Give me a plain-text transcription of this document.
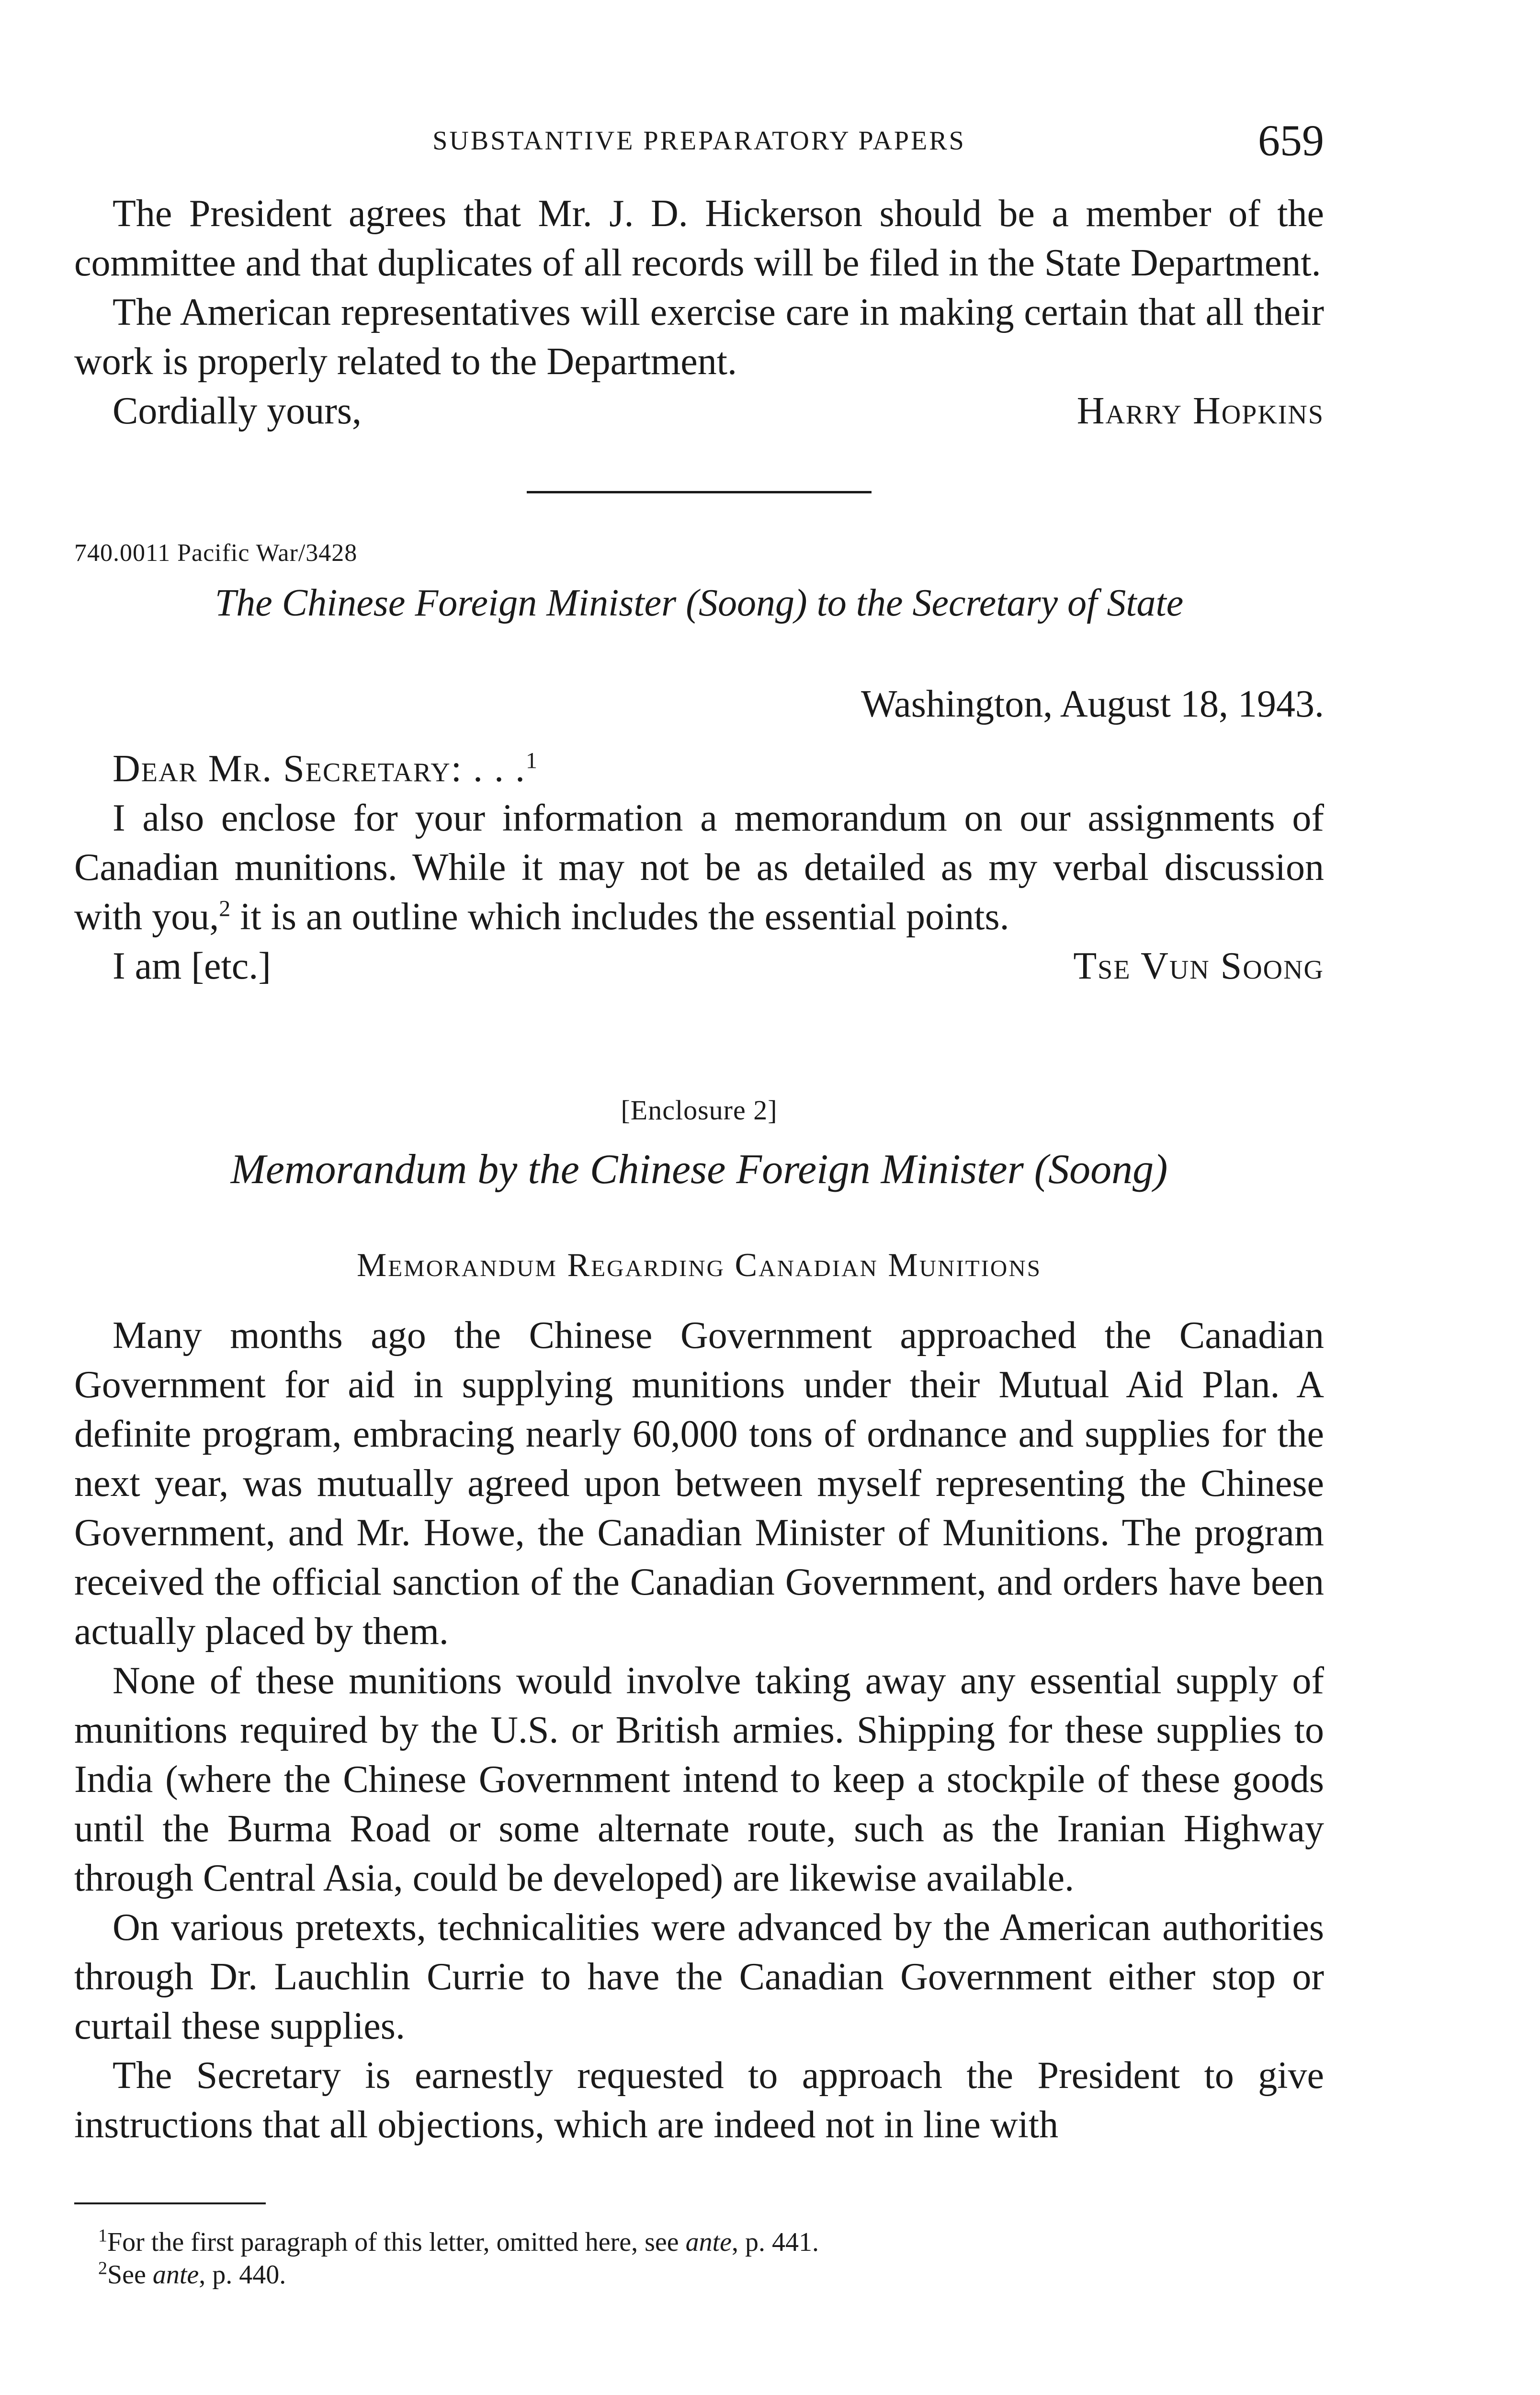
SUBSTANTIVE PREPARATORY PAPERS	659

The President agrees that Mr. J. D. Hickerson should be a member of the committee and that duplicates of all records will be filed in the State Department.

The American representatives will exercise care in making certain that all their work is properly related to the Department.

Cordially yours,	Harry Hopkins
740.0011 Pacific War/3428
The Chinese Foreign Minister (Soong) to the Secretary of State
Washington, August 18, 1943.
Dear Mr. Secretary: . . .$^1$

I also enclose for your information a memorandum on our assignments of Canadian munitions. While it may not be as detailed as my verbal discussion with you,$^2$ it is an outline which includes the essential points.

I am [etc.]	Tse Vun Soong
[Enclosure 2]
Memorandum by the Chinese Foreign Minister (Soong)
Memorandum Regarding Canadian Munitions

Many months ago the Chinese Government approached the Canadian Government for aid in supplying munitions under their Mutual Aid Plan. A definite program, embracing nearly 60,000 tons of ordnance and supplies for the next year, was mutually agreed upon between myself representing the Chinese Government, and Mr. Howe, the Canadian Minister of Munitions. The program received the official sanction of the Canadian Government, and orders have been actually placed by them.

None of these munitions would involve taking away any essential supply of munitions required by the U.S. or British armies. Shipping for these supplies to India (where the Chinese Government intend to keep a stockpile of these goods until the Burma Road or some alternate route, such as the Iranian Highway through Central Asia, could be developed) are likewise available.

On various pretexts, technicalities were advanced by the American authorities through Dr. Lauchlin Currie to have the Canadian Government either stop or curtail these supplies.

The Secretary is earnestly requested to approach the President to give instructions that all objections, which are indeed not in line with

$^1$For the first paragraph of this letter, omitted here, see ante, p. 441.

$^2$See ante, p. 440.
